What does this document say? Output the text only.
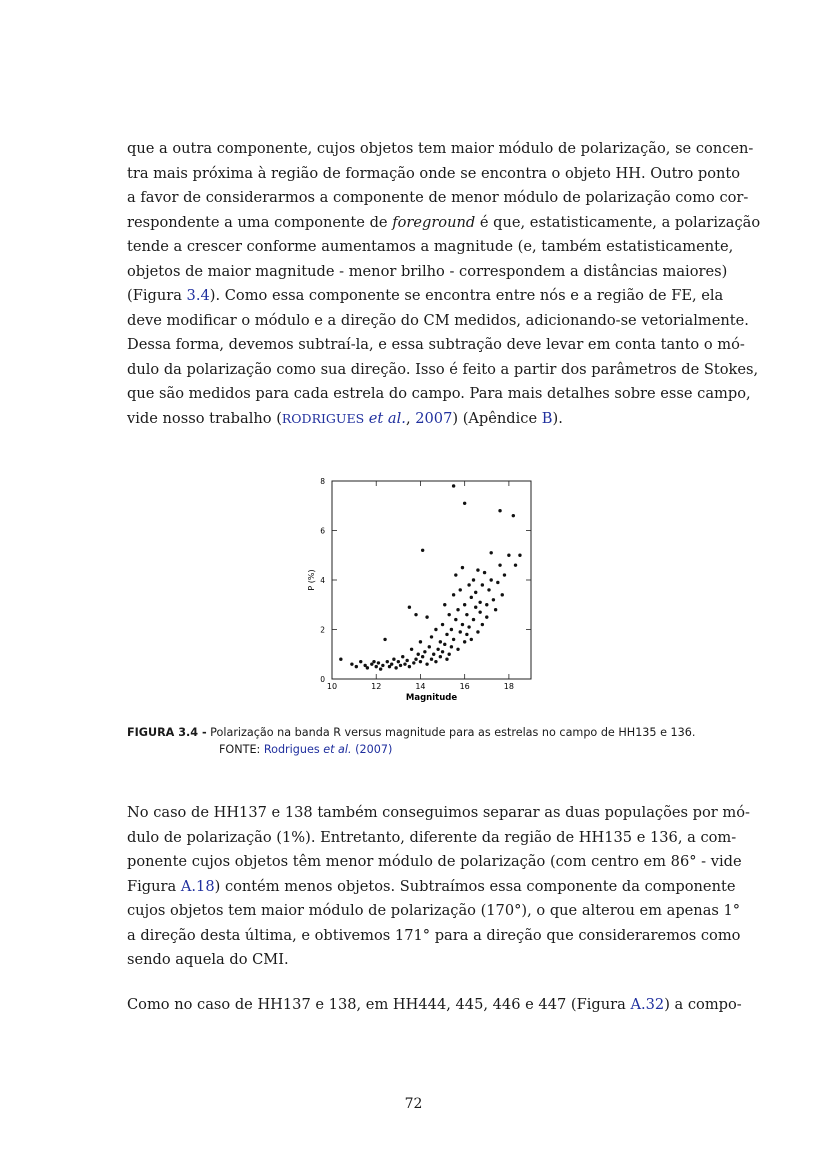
que a outra componente, cujos objetos tem maior módulo de polarização, se concen-
tra mais próxima à região de formação onde se encontra o objeto HH. Outro ponto
a favor de considerarmos a componente de menor módulo de polarização como cor-
respondente a uma componente de foreground é que, estatisticamente, a polarização
tende a crescer conforme aumentamos a magnitude (e, também estatisticamente,
objetos de maior magnitude - menor brilho - correspondem a distâncias maiores)
(Figura 3.4). Como essa componente se encontra entre nós e a região de FE, ela
deve modificar o módulo e a direção do CM medidos, adicionando-se vetorialmente.
Dessa forma, devemos subtraí-la, e essa subtração deve levar em conta tanto o mó-
dulo da polarização como sua direção. Isso é feito a partir dos parâmetros de Stokes,
que são medidos para cada estrela do campo. Para mais detalhes sobre esse campo,
vide nosso trabalho (RODRIGUES et al., 2007) (Apêndice B).
10	12	14	16	18
0
2
4
6
8
Magnitude
P (%)
FIGURA 3.4 - Polarização na banda R versus magnitude para as estrelas no campo de HH135 e 136.
FONTE: Rodrigues et al. (2007)
No caso de HH137 e 138 também conseguimos separar as duas populações por mó-
dulo de polarização (1%). Entretanto, diferente da região de HH135 e 136, a com-
ponente cujos objetos têm menor módulo de polarização (com centro em 86° - vide
Figura A.18) contém menos objetos. Subtraímos essa componente da componente
cujos objetos tem maior módulo de polarização (170°), o que alterou em apenas 1°
a direção desta última, e obtivemos 171° para a direção que consideraremos como
sendo aquela do CMI.
Como no caso de HH137 e 138, em HH444, 445, 446 e 447 (Figura A.32) a compo-
72
